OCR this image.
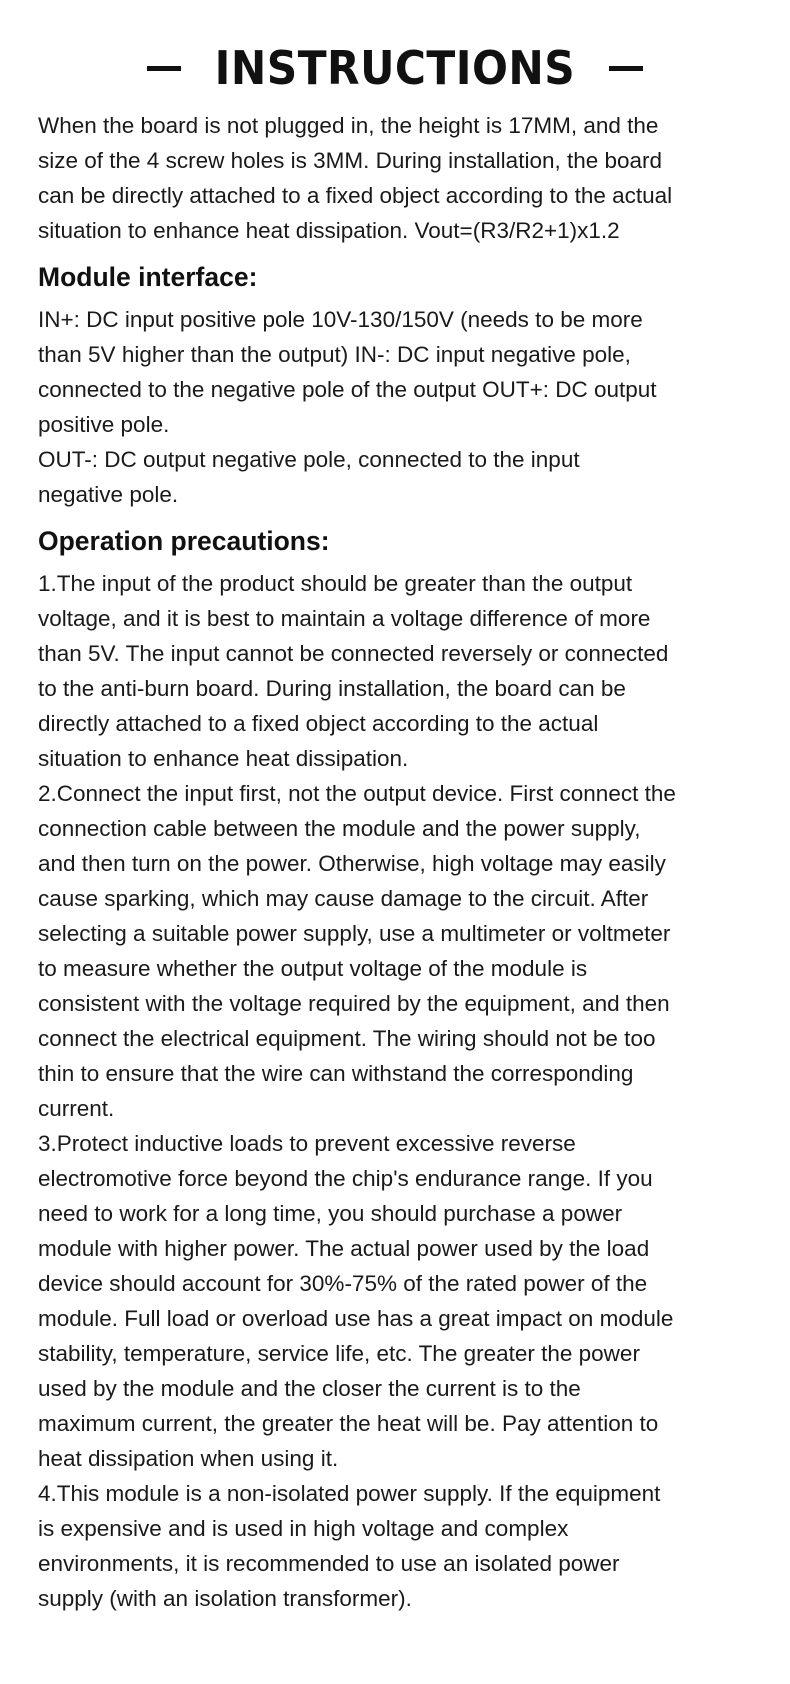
INSTRUCTIONS

When the board is not plugged in, the height is 17MM, and the
size of the 4 screw holes is 3MM. During installation, the board
can be directly attached to a fixed object according to the actual
situation to enhance heat dissipation. Vout=(R3/R2+1)x1.2

Module interface:

IN+: DC input positive pole 10V-130/150V (needs to be more
than 5V higher than the output) IN-: DC input negative pole,
connected to the negative pole of the output OUT+: DC output
positive pole.
OUT-: DC output negative pole, connected to the input
negative pole.

Operation precautions:

1.The input of the product should be greater than the output
voltage, and it is best to maintain a voltage difference of more
than 5V. The input cannot be connected reversely or connected
to the anti-burn board. During installation, the board can be
directly attached to a fixed object according to the actual
situation to enhance heat dissipation.

2.Connect the input first, not the output device. First connect the
connection cable between the module and the power supply,
and then turn on the power. Otherwise, high voltage may easily
cause sparking, which may cause damage to the circuit. After
selecting a suitable power supply, use a multimeter or voltmeter
to measure whether the output voltage of the module is
consistent with the voltage required by the equipment, and then
connect the electrical equipment. The wiring should not be too
thin to ensure that the wire can withstand the corresponding
current.

3.Protect inductive loads to prevent excessive reverse
electromotive force beyond the chip's endurance range. If you
need to work for a long time, you should purchase a power
module with higher power. The actual power used by the load
device should account for 30%-75% of the rated power of the
module. Full load or overload use has a great impact on module
stability, temperature, service life, etc. The greater the power
used by the module and the closer the current is to the
maximum current, the greater the heat will be. Pay attention to
heat dissipation when using it.

4.This module is a non-isolated power supply. If the equipment
is expensive and is used in high voltage and complex
environments, it is recommended to use an isolated power
supply (with an isolation transformer).
